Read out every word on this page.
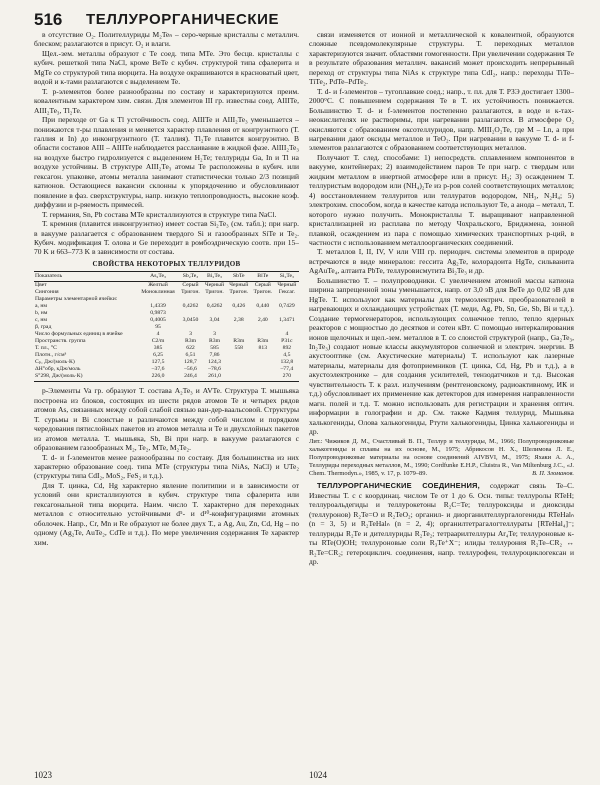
516 ТЕЛЛУРОРГАНИЧЕСКИЕ

в отсутствие O₂. Полителлуриды M₂Teₙ – серо-черные кристаллы с металлич. блеском; разлагаются в присут. O₂ и влаги.

Щел.-зем. металлы образуют с Te соед. типа MTe. Это бесцв. кристаллы с кубич. решеткой типа NaCl, кроме BeTe с кубич. структурой типа сфалерита и MgTe со структурой типа вюрцита. На воздухе окрашиваются в красноватый цвет, водой и к-тами разлагаются с выделением Te.

Т. р-элементов более разнообразны по составу и характеризуются преим. ковалентным характером хим. связи. Для элементов III гр. известны соед. AIIITe, AIII₂Te₃, Tl₂Te.

При переходе от Ga к Tl устойчивость соед. AIIITe и AIII₂Te₃ уменьшается – понижаются т-ры плавления и меняется характер плавления от конгруэнтного (Т. галлия и In) до инконгруэнтного (Т. таллия). Tl₂Te плавится конгруэнтно. В области составов AIII – AIIITe наблюдается расслаивание в жидкой фазе. AlIII₂Te₃ на воздухе быстро гидролизуется с выделением H₂Te; теллуриды Ga, In и Tl на воздухе устойчивы. В структуре AIII₂Te₃ атомы Te расположены в кубич. или гексагон. упаковке, атомы металла занимают статистически только 2/3 позиций катионов. Остающиеся вакансии склонны к упорядочению и обусловливают появление в фаз. сверхструктуры, напр. низкую теплопроводность, высокие коэф. диффузии и р-ряемость примесей.

Т. германия, Sn, Pb состава MTe кристаллизуются в структуре типа NaCl.

Т. кремния (плавится инконгруэнтно) имеет состав Si₂Te₃ (см. табл.); при нагр. в вакууме разлагается с образованием твердого Si и газообразных SiTe и Te₂. Кубич. модификация Т. олова и Ge переходит в ромбоэдрическую соотв. при 15–70 K и 663–773 K в зависимости от состава.

СВОЙСТВА НЕКОТОРЫХ ТЕЛЛУРИДОВ
Показатель	As₂Te₃	Sb₂Te₃	Bi₂Te₃	SbTe	BiTe	Si₂Te₃
Цвет	Желтый	Серый	Черный	Черный	Серый	Черный
Сингония	Моноклинная	Тригон.	Тригон.	Тригон.	Тригон.	Гексаг.
Параметры элементарной ячейки:						
a, нм	1,4339	0,4262	0,4262	0,426	0,440	0,7429
b, нм	0,9873					
c, нм	0,4005	3,0450	3,04	2,38	2,40	1,3471
β, град	95					
Число формульных единиц в ячейке	4	3	3			4
Пространств. группа	C2/m	R3m	R3m	R3m	R3m	P31c
Т. пл., °C	385	622	585	558	813	892
Плотн., г/см³	6,25	6,51	7,86			4,5
Cₚ, Дж/(моль·К)	127,5	128,7	124,3			132,8
ΔH°обр, кДж/моль	–37,6	–56,6	–78,6			–77,4
S°298, Дж/(моль·К)	226,0	246,4	261,0			270

р-Элементы Va гр. образуют Т. состава A₂Te₃ и AVTe. Структура Т. мышьяка построена из блоков, состоящих из шести рядов атомов Te и четырех рядов атомов As, связанных между собой слабой связью ван-дер-ваальсовой. Структуры Т. сурьмы и Bi слоистые и различаются между собой числом и порядком чередования пятислойных пакетов из атомов металла и Te и двухслойных пакетов из атомов металла. Т. мышьяка, Sb, Bi при нагр. в вакууме разлагаются с образованием газообразных M₂, Te₂, MTe, M₂Te₂.

Т. d- и f-элементов менее разнообразны по составу. Для большинства из них характерно образование соед. типа MTe (структуры типа NiAs, NaCl) и UTe₂ (структуры типа CdI₂, MoS₂, FeS₂ и т.д.).

Для Т. цинка, Cd, Hg характерно явление политипии и в зависимости от условий они кристаллизуются в кубич. структуре типа сфалерита или гексагональной типа вюрцита. Наим. число Т. характерно для переходных металлов с относительно устойчивыми d⁵- и d¹⁰-конфигурациями атомных оболочек. Напр., Cr, Mn и Re образуют не более двух Т., а Ag, Au, Zn, Cd, Hg – по одному (Ag₂Te, AuTe₂, CdTe и т.д.). По мере увеличения содержания Te характер хим.

связи изменяется от ионной и металлической к ковалентной, образуются сложные псевдомолекулярные структуры. Т. переходных металлов характеризуются значит. областями гомогенности. При увеличении содержания Te в результате образования металлич. вакансий может происходить непрерывный переход от структуры типа NiAs к структуре типа CdI₂, напр.: переходы TiTe–TiTe₂, PdTe–PdTe₂.

Т. d- и f-элементов – тугоплавкие соед.; напр., т. пл. для Т. РЗЭ достигает 1300–2000°C. С повышением содержания Te в Т. их устойчивость понижается. Большинство Т. d- и f-элементов постепенно разлагаются, в воде и к-тах-неокислителях не растворимы, при нагревании разлагаются. В атмосфере O₂ окисляются с образованием оксотеллуридов, напр. MIII₂O₂Te, где M – Ln, а при нагревании дают оксиды металлов и TeO₂. При нагревании в вакууме Т. d- и f-элементов разлагаются с образованием соответствующих металлов.

Получают Т. след. способами: 1) непосредств. сплавлением компонентов в вакууме, контейнерах; 2) взаимодействием паров Te при нагр. с твердым или жидким металлом в инертной атмосфере или в присут. H₂; 3) осаждением Т. теллуристым водородом или (NH₄)₂Te из р-ров солей соответствующих металлов; 4) восстановлением теллуритов или теллуратов водородом, NH₃, N₂H₄; 5) электрохим. способом, когда в качестве катода используют Te, а анода – металл, Т. которого нужно получить. Монокристаллы Т. выращивают направленной кристаллизацией из расплава по методу Чохральского, Бриджмена, зонной плавкой, осаждением из пара с помощью химических транспортных р-ций, в частности с использованием металлоорганических соединений.

Т. металлов I, II, IV, V или VIII гр. периодич. системы элементов в природе встречаются в виде минералов: гессита Ag₂Te, колорадоита HgTe, сильванита AgAuTe₄, алтаита PbTe, теллуровисмутита Bi₂Te₃ и др.

Большинство Т. – полупроводники. С увеличением атомной массы катиона ширина запрещенной зоны уменьшается, напр. от 3,0 эВ для BeTe до 0,02 эВ для HgTe. Т. используют как материалы для термоэлектрич. преобразователей в нагревающих и охлаждающих устройствах (Т. меди, Ag, Pb, Sn, Ge, Sb, Bi и т.д.). Создание термогенераторов, использующих солнечное тепло, тепло ядерных реакторов с мощностью до десятков и сотен кВт. С помощью интеркалирования ионов щелочных и щел.-зем. металлов в Т. со слоистой структурой (напр., Ga₂Te₃, In₂Te₃) создают новые классы аккумуляторов солнечной и электрич. энергии. В акустооптике (см. Акустические материалы) Т. используют как лазерные материалы, материалы для фотоприемников (Т. цинка, Cd, Hg, Pb и т.д.), а в акустоэлектронике – для создания усилителей, тензодатчиков и т.д. Высокая чувствительность Т. к разл. излучениям (рентгеновскому, радиоактивному, ИК и т.д.) обусловливает их применение как детекторов для измерения направленности магн. полей и т.д. Т. можно использовать для регистрации и хранения оптич. информации в голографии и др. См. также Кадмия теллурид, Мышьяка халькогениды, Олова халькогениды, Ртути халькогениды, Цинка халькогениды и др.

Лит.: Чижиков Д. М., Счастливый В. П., Теллур и теллуриды, М., 1966; Полупроводниковые халькогениды и сплавы на их основе, М., 1975; Абрикосов Н. Х., Шелимова Л. Е., Полупроводниковые материалы на основе соединений AIVBVI, М., 1975; Яхаки А. А., Теллуриды переходных металлов, М., 1990; Cordfunke E.H.P., Cluistra R., Van Miltenburg J.C., «J. Chem. Thermodyn.», 1985, v. 17, p. 1079–89.	В. П. Зломанов.

ТЕЛЛУРОРГАНИЧЕСКИЕ СОЕДИНЕНИЯ, содержат связь Te–C. Известны Т. с с координац. числом Te от 1 до 6. Осн. типы: теллуролы RTeH; теллуроальдегиды и теллурокетоны R₂C=Te; теллуроксиды и диоксиды (теллуронов) R₂Te=O и R₂TeO₂; органил- и диорганилтеллургалогениды RTeHalₙ (n = 3, 5) и R₂TeHalₙ (n = 2, 4); органилтетрагалогтеллураты [RTeHal₄]⁻; теллуриды R₂Te и дителлуриды R₂Te₂; тетраарилтеллуры Ar₄Te; теллуроновые к-ты RTe(O)OH; теллуроновые соли R₃Te⁺X⁻; илиды теллурония R₂Te–CR₂ ↔ R₂Te=CR₂; гетероциклич. соединения, напр. теллурофен, теллуроциклогексан и др.

1023	1024
